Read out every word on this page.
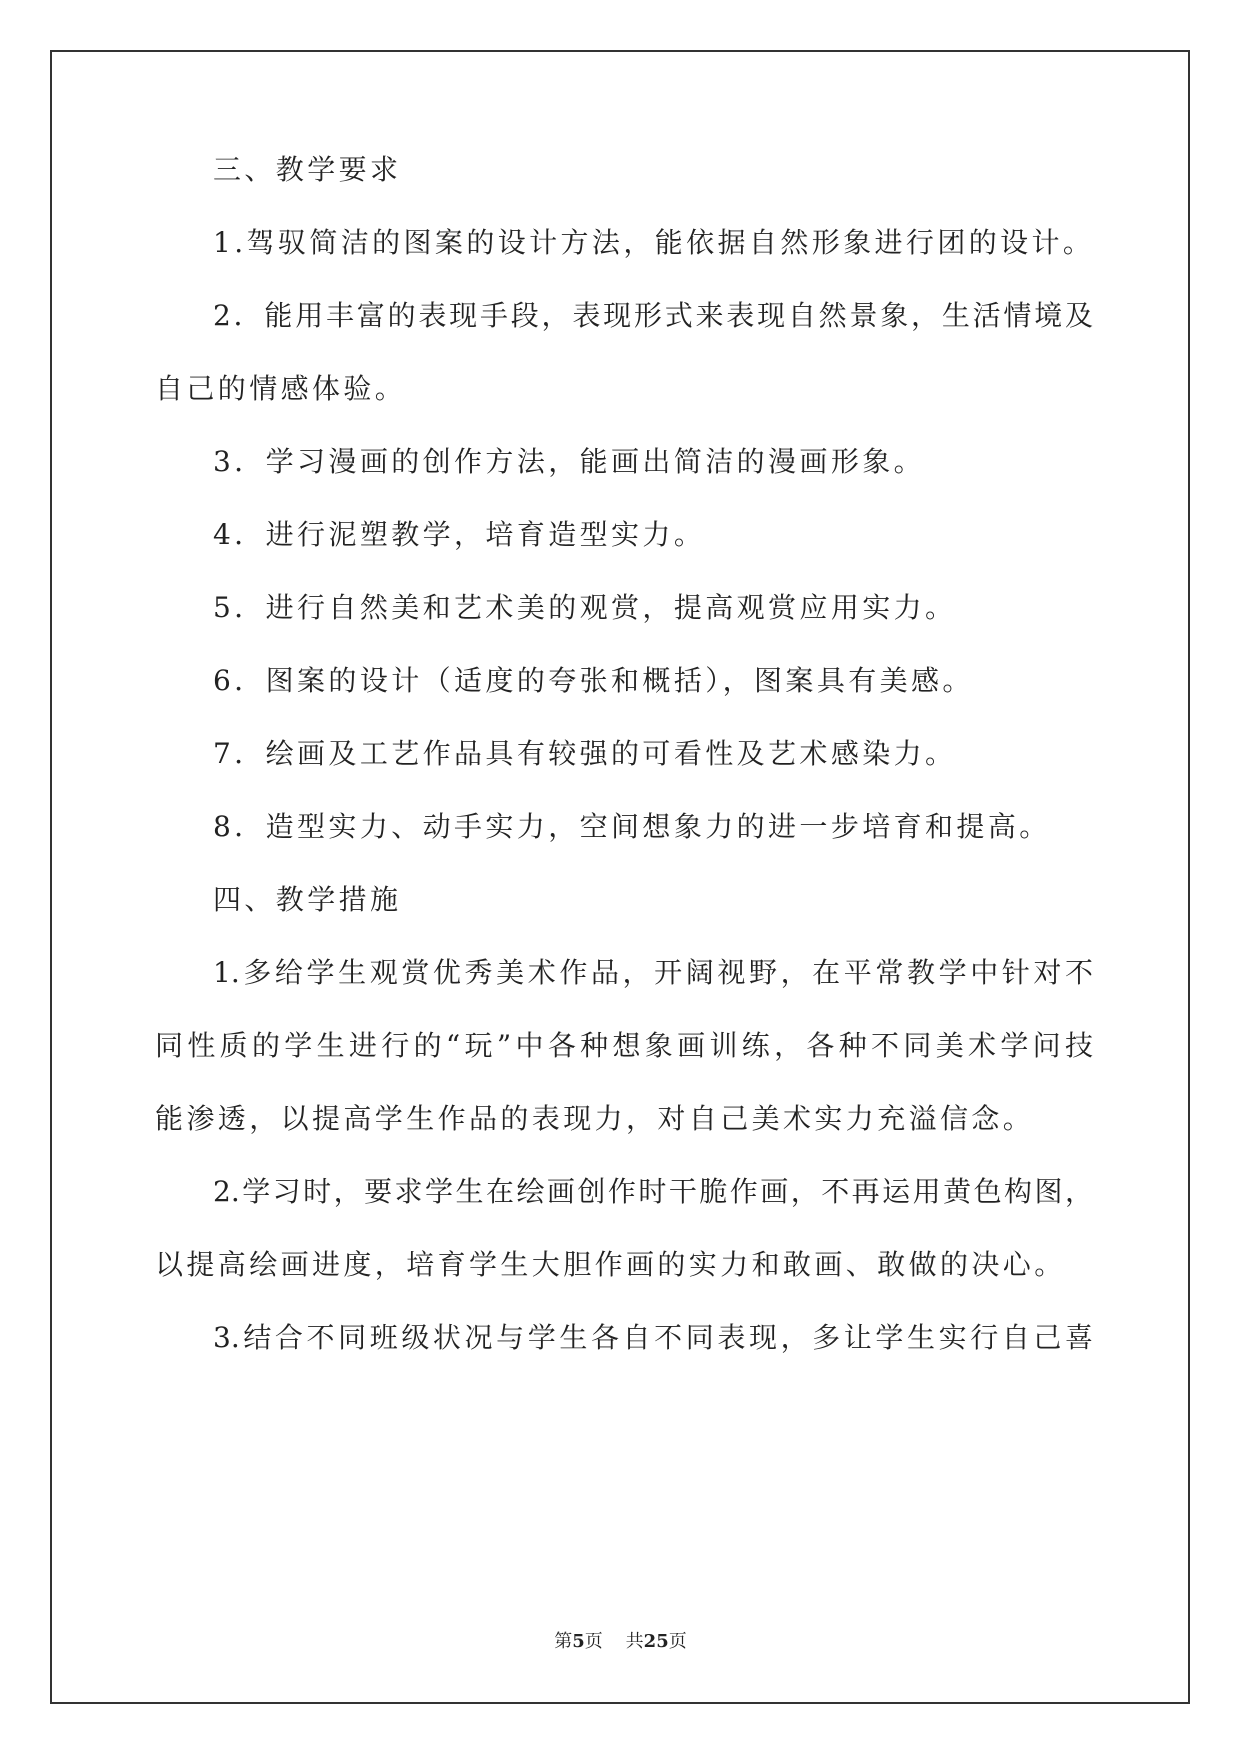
三、教学要求
1.驾驭简洁的图案的设计方法，能依据自然形象进行团的设计。
2．能用丰富的表现手段，表现形式来表现自然景象，生活情境及
自己的情感体验。
3．学习漫画的创作方法，能画出简洁的漫画形象。
4．进行泥塑教学，培育造型实力。
5．进行自然美和艺术美的观赏，提高观赏应用实力。
6．图案的设计（适度的夸张和概括），图案具有美感。
7．绘画及工艺作品具有较强的可看性及艺术感染力。
8．造型实力、动手实力，空间想象力的进一步培育和提高。
四、教学措施
1.多给学生观赏优秀美术作品，开阔视野，在平常教学中针对不
同性质的学生进行的“玩”中各种想象画训练，各种不同美术学问技
能渗透，以提高学生作品的表现力，对自己美术实力充溢信念。
2.学习时，要求学生在绘画创作时干脆作画，不再运用黄色构图，
以提高绘画进度，培育学生大胆作画的实力和敢画、敢做的决心。
3.结合不同班级状况与学生各自不同表现，多让学生实行自己喜
第5页 共25页
